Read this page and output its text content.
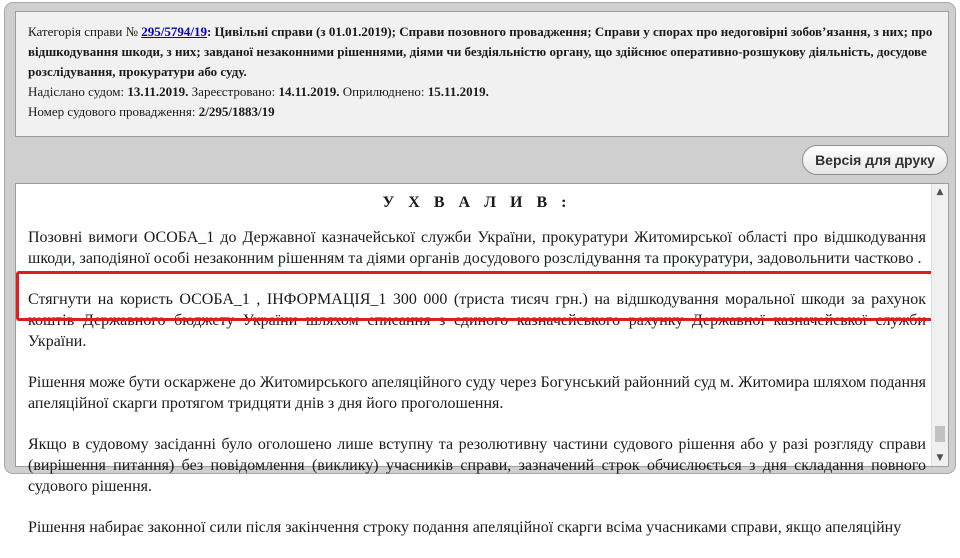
Категорія справи № 295/5794/19: Цивільні справи (з 01.01.2019); Справи позовного провадження; Справи у спорах про недоговірні зобов’язання, з них; про відшкодування шкоди, з них; завданої незаконними рішеннями, діями чи бездіяльністю органу, що здійснює оперативно-розшукову діяльність, досудове розслідування, прокуратури або суду.

Надіслано судом: 13.11.2019. Зареєстровано: 14.11.2019. Оприлюднено: 15.11.2019.

Номер судового провадження: 2/295/1883/19

Версія для друку
У Х В А Л И В :

Позовні вимоги ОСОБА_1 до Державної казначейської служби України, прокуратури Житомирської області про відшкодування шкоди, заподіяної особі незаконним рішенням та діями органів досудового розслідування та прокуратури, задовольнити частково .

Стягнути на користь ОСОБА_1 , ІНФОРМАЦІЯ_1 300 000 (триста тисяч грн.) на відшкодування моральної шкоди за рахунок коштів Державного бюджету України шляхом списання з єдиного казначейського рахунку Державної казначейської служби України.

Рішення може бути оскаржене до Житомирського апеляційного суду через Богунський районний суд м. Житомира шляхом подання апеляційної скарги протягом тридцяти днів з дня його проголошення.

Якщо в судовому засіданні було оголошено лише вступну та резолютивну частини судового рішення або у разі розгляду справи (вирішення питання) без повідомлення (виклику) учасників справи, зазначений строк обчислюється з дня складання повного судового рішення.

Рішення набирає законної сили після закінчення строку подання апеляційної скарги всіма учасниками справи, якщо апеляційну

▲
▼
